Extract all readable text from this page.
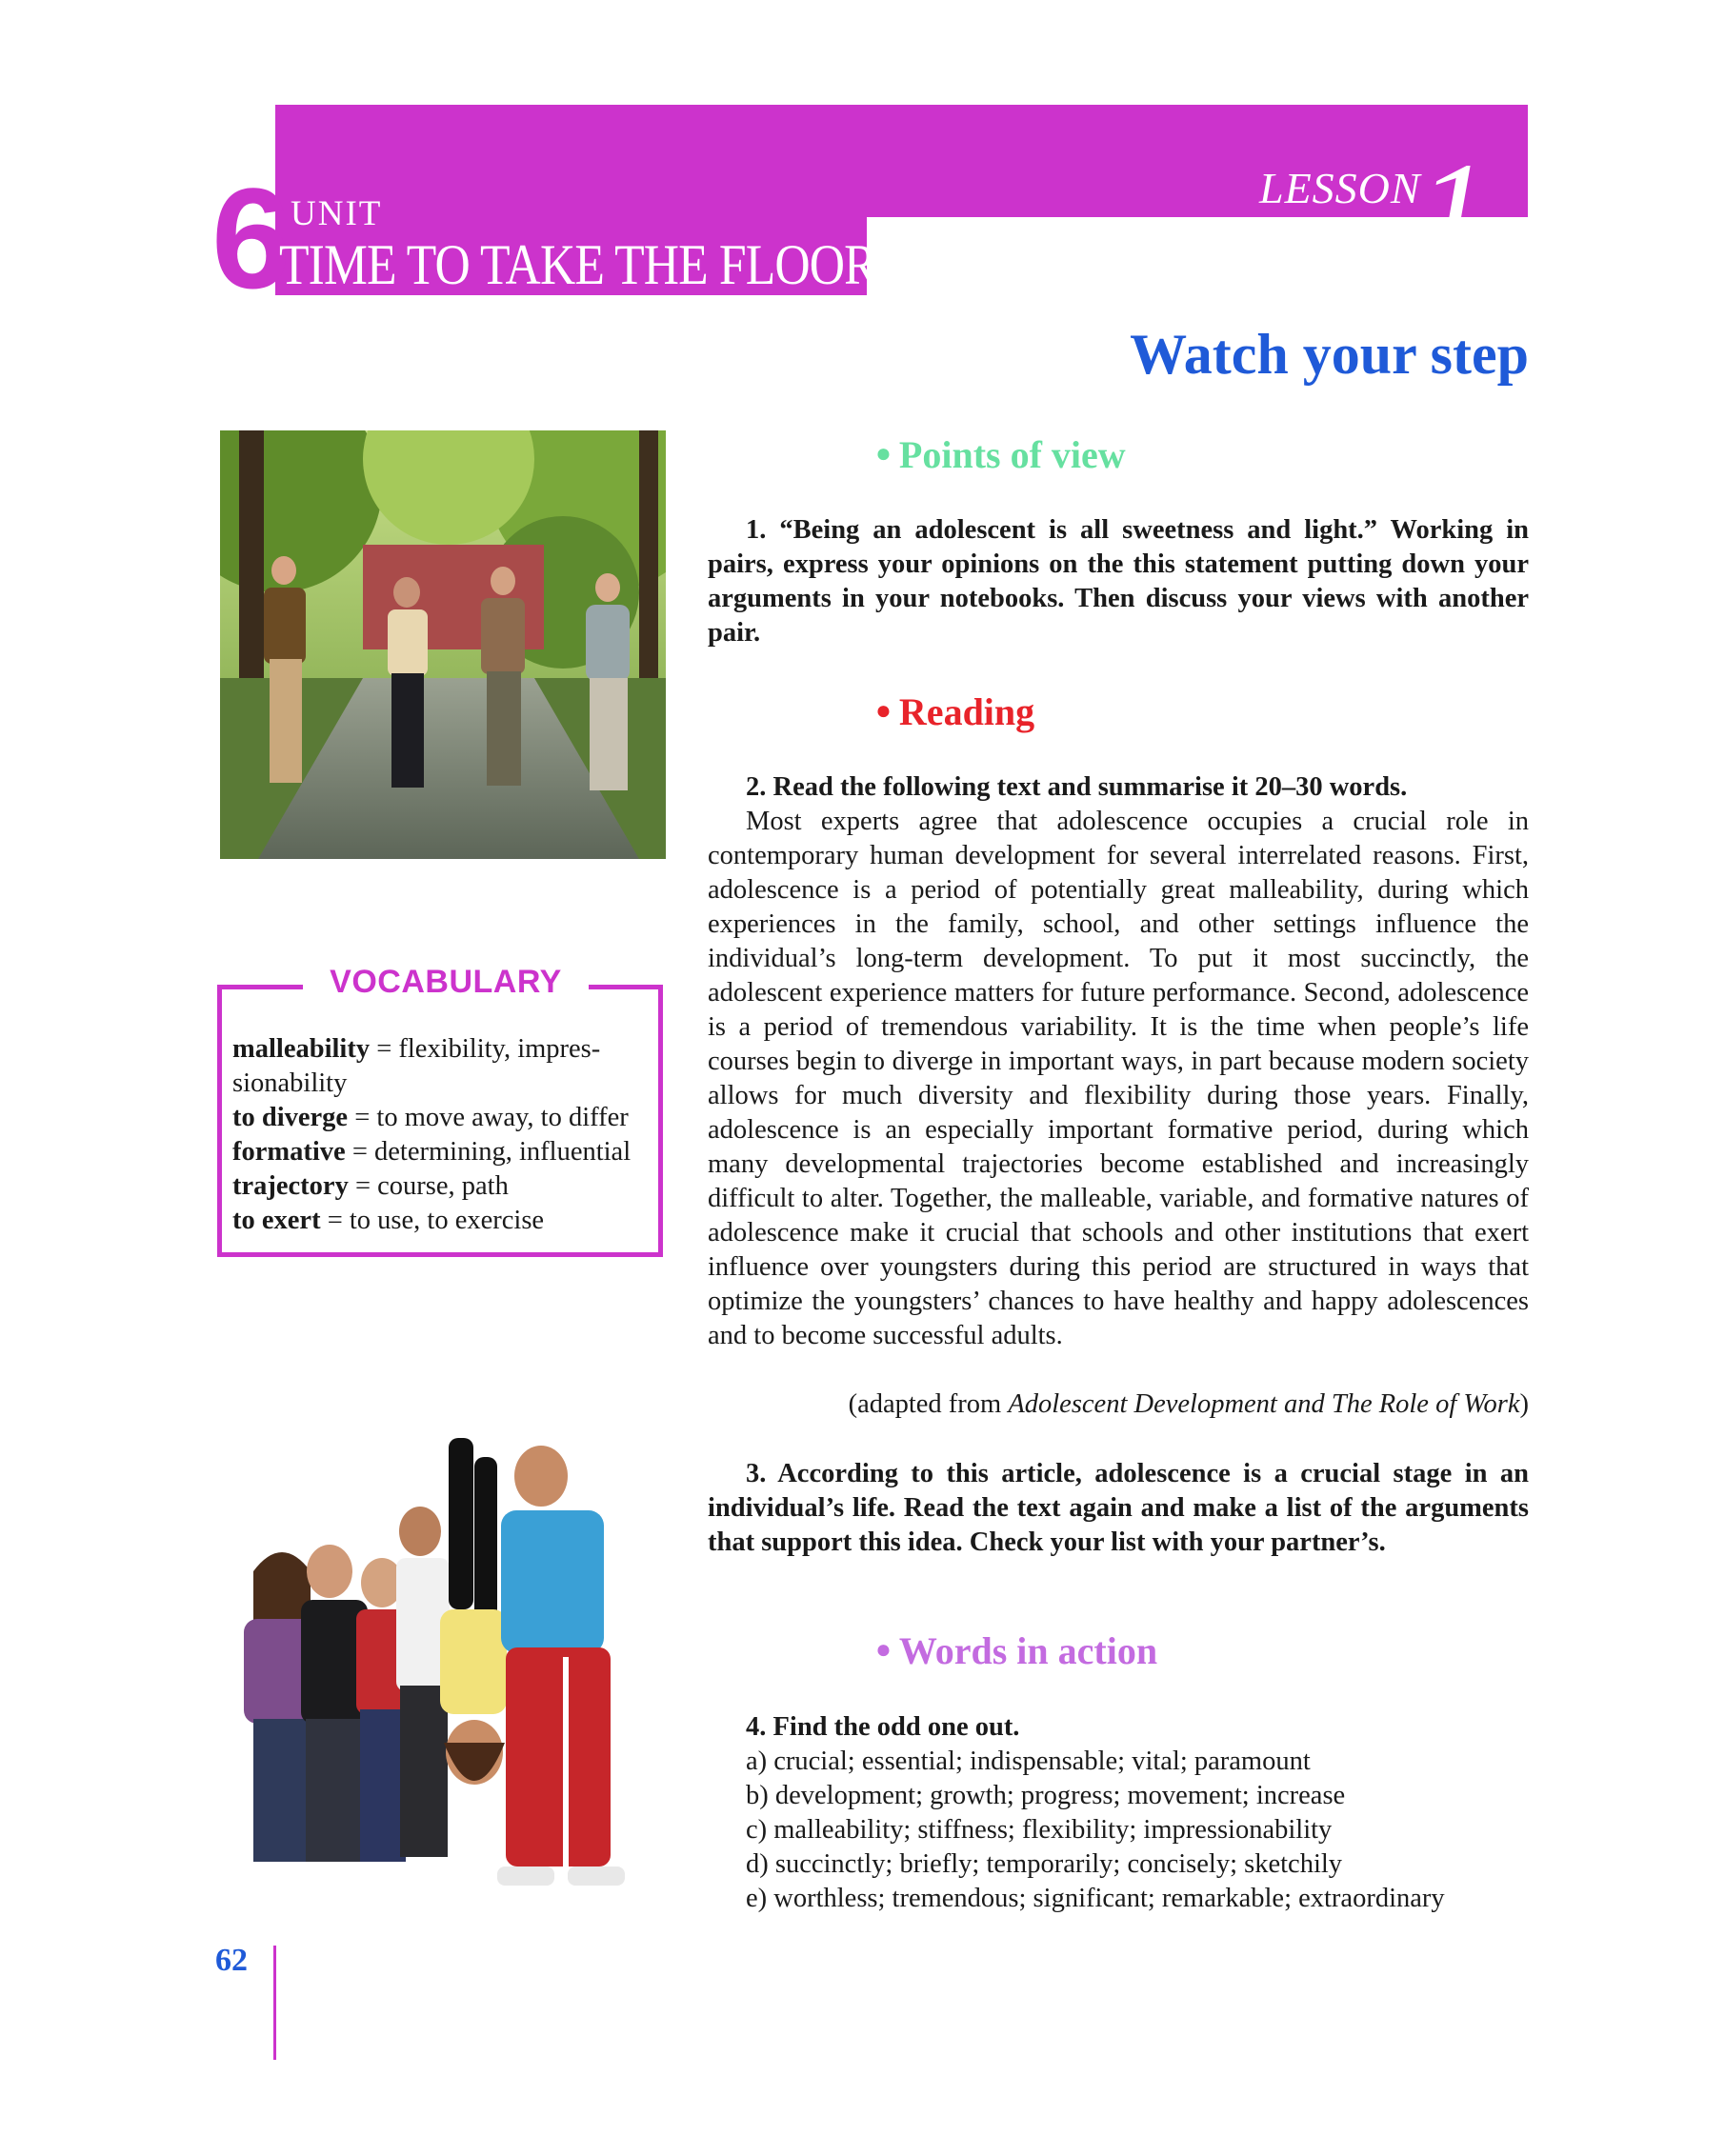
6 UNIT
TIME TO TAKE THE FLOOR
LESSON
1
Watch your step
VOCABULARY
malleability = flexibility, impres-
sionability
to diverge = to move away, to differ
formative = determining, influential
trajectory = course, path
to exert = to use, to exercise
● Points of view
1. “Being an adolescent is all sweetness and light.” Working in pairs, express your opinions on the this statement putting down your arguments in your notebooks. Then discuss your views with another pair.
● Reading
2. Read the following text and summarise it 20–30 words.
Most experts agree that adolescence occupies a crucial role in contemporary human development for several interrelated reasons. First, adolescence is a period of potentially great malleability, during which experiences in the family, school, and other settings influence the individual’s long-term development. To put it most succinctly, the adolescent experience matters for future performance. Second, adolescence is a period of tremendous variability. It is the time when people’s life courses begin to diverge in important ways, in part because modern society allows for much diversity and flexibility during those years. Finally, adolescence is an especially important formative period, during which many developmental trajectories become established and increasingly difficult to alter. Together, the malleable, variable, and formative natures of adolescence make it crucial that schools and other institutions that exert influence over youngsters during this period are structured in ways that optimize the youngsters’ chances to have healthy and happy adolescences and to become successful adults.
(adapted from Adolescent Development and The Role of Work)
3. According to this article, adolescence is a crucial stage in an individual’s life. Read the text again and make a list of the arguments that support this idea. Check your list with your partner’s.
● Words in action
4. Find the odd one out.
a) crucial; essential; indispensable; vital; paramount
b) development; growth; progress; movement; increase
c) malleability; stiffness; flexibility; impressionability
d) succinctly; briefly; temporarily; concisely; sketchily
e) worthless; tremendous; significant; remarkable; extraordinary
62
